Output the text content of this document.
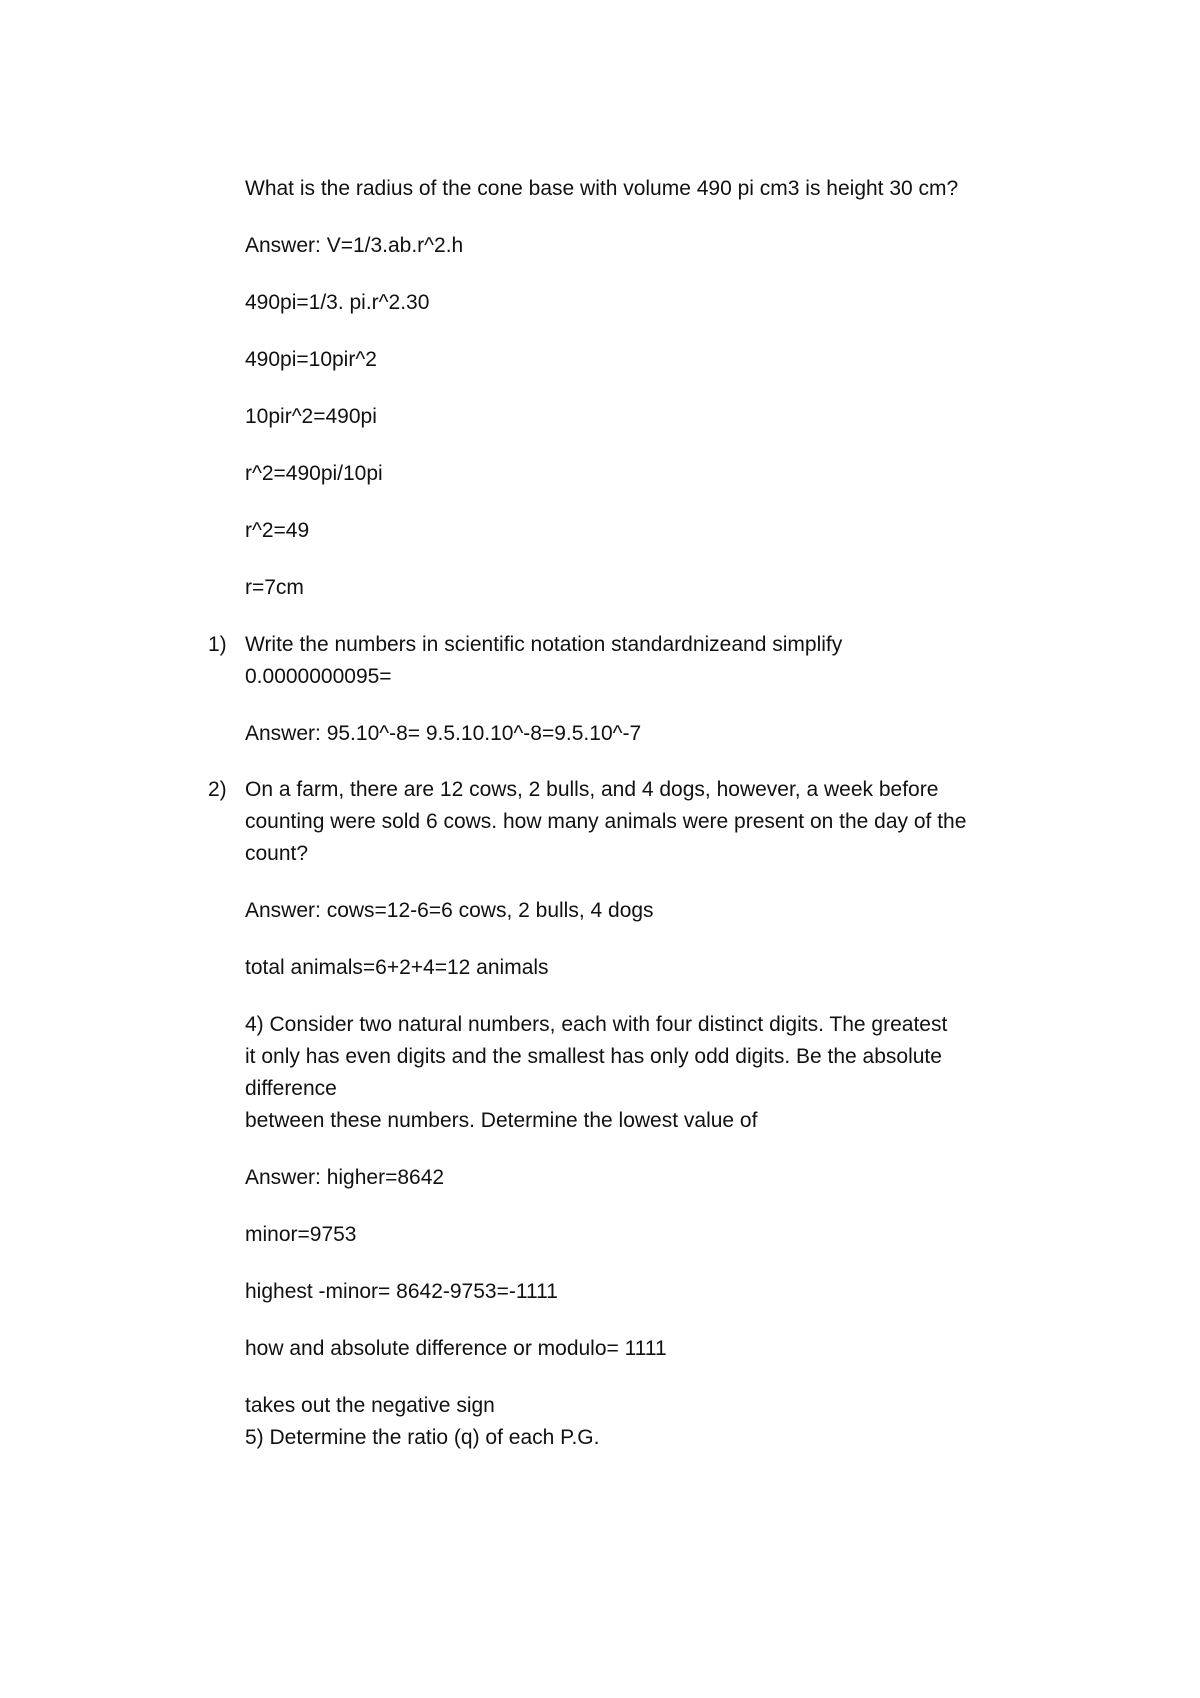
What is the radius of the cone base with volume 490 pi cm3 is height 30 cm?
Answer: V=1/3.ab.r^2.h
490pi=1/3. pi.r^2.30
490pi=10pir^2
10pir^2=490pi
r^2=490pi/10pi
r^2=49
r=7cm
1) Write the numbers in scientific notation standardnizeand simplify
0.0000000095=
Answer: 95.10^-8= 9.5.10.10^-8=9.5.10^-7
2) On a farm, there are 12 cows, 2 bulls, and 4 dogs, however, a week before
counting were sold 6 cows. how many animals were present on the day of the
count?
Answer: cows=12-6=6 cows, 2 bulls, 4 dogs
total animals=6+2+4=12 animals
4) Consider two natural numbers, each with four distinct digits. The greatest
it only has even digits and the smallest has only odd digits. Be the absolute
difference
between these numbers. Determine the lowest value of
Answer: higher=8642
minor=9753
highest -minor= 8642-9753=-1111
how and absolute difference or modulo= 1111
takes out the negative sign
5) Determine the ratio (q) of each P.G.
